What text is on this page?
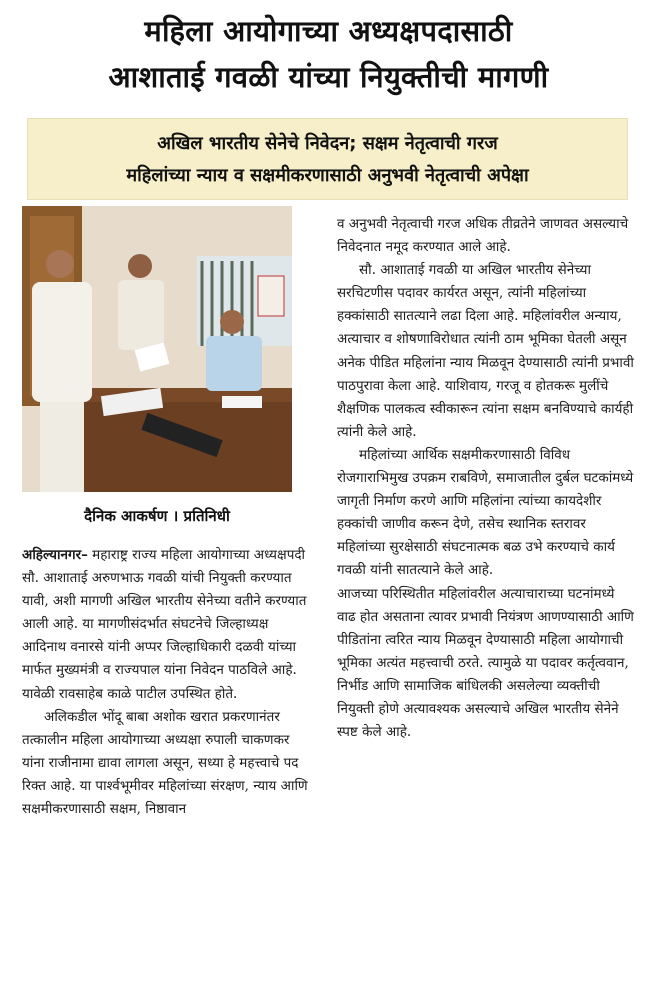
महिला आयोगाच्या अध्यक्षपदासाठी
आशाताई गवळी यांच्या नियुक्तीची मागणी
अखिल भारतीय सेनेचे निवेदन; सक्षम नेतृत्वाची गरज
महिलांच्या न्याय व सक्षमीकरणासाठी अनुभवी नेतृत्वाची अपेक्षा
दैनिक आकर्षण । प्रतिनिधी

अहिल्यानगर– महाराष्ट्र राज्य महिला आयोगाच्या अध्यक्षपदी सौ. आशाताई अरुणभाऊ गवळी यांची नियुक्ती करण्यात यावी, अशी मागणी अखिल भारतीय सेनेच्या वतीने करण्यात आली आहे. या मागणीसंदर्भात संघटनेचे जिल्हाध्यक्ष आदिनाथ वनारसे यांनी अप्पर जिल्हाधिकारी दळवी यांच्या मार्फत मुख्यमंत्री व राज्यपाल यांना निवेदन पाठविले आहे. यावेळी रावसाहेब काळे पाटील उपस्थित होते.

अलिकडील भोंदू बाबा अशोक खरात प्रकरणानंतर तत्कालीन महिला आयोगाच्या अध्यक्षा रुपाली चाकणकर यांना राजीनामा द्यावा लागला असून, सध्या हे महत्त्वाचे पद रिक्त आहे. या पार्श्वभूमीवर महिलांच्या संरक्षण, न्याय आणि सक्षमीकरणासाठी सक्षम, निष्ठावान

व अनुभवी नेतृत्वाची गरज अधिक तीव्रतेने जाणवत असल्याचे निवेदनात नमूद करण्यात आले आहे.

सौ. आशाताई गवळी या अखिल भारतीय सेनेच्या सरचिटणीस पदावर कार्यरत असून, त्यांनी महिलांच्या हक्कांसाठी सातत्याने लढा दिला आहे. महिलांवरील अन्याय, अत्याचार व शोषणाविरोधात त्यांनी ठाम भूमिका घेतली असून अनेक पीडित महिलांना न्याय मिळवून देण्यासाठी त्यांनी प्रभावी पाठपुरावा केला आहे. याशिवाय, गरजू व होतकरू मुलींचे शैक्षणिक पालकत्व स्वीकारून त्यांना सक्षम बनविण्याचे कार्यही त्यांनी केले आहे.

महिलांच्या आर्थिक सक्षमीकरणासाठी विविध रोजगाराभिमुख उपक्रम राबविणे, समाजातील दुर्बल घटकांमध्ये जागृती निर्माण करणे आणि महिलांना त्यांच्या कायदेशीर हक्कांची जाणीव करून देणे, तसेच स्थानिक स्तरावर महिलांच्या सुरक्षेसाठी संघटनात्मक बळ उभे करण्याचे कार्य गवळी यांनी सातत्याने केले आहे.

आजच्या परिस्थितीत महिलांवरील अत्याचाराच्या घटनांमध्ये वाढ होत असताना त्यावर प्रभावी नियंत्रण आणण्यासाठी आणि पीडितांना त्वरित न्याय मिळवून देण्यासाठी महिला आयोगाची भूमिका अत्यंत महत्त्वाची ठरते. त्यामुळे या पदावर कर्तृत्ववान, निर्भीड आणि सामाजिक बांधिलकी असलेल्या व्यक्तीची नियुक्ती होणे अत्यावश्यक असल्याचे अखिल भारतीय सेनेने स्पष्ट केले आहे.
